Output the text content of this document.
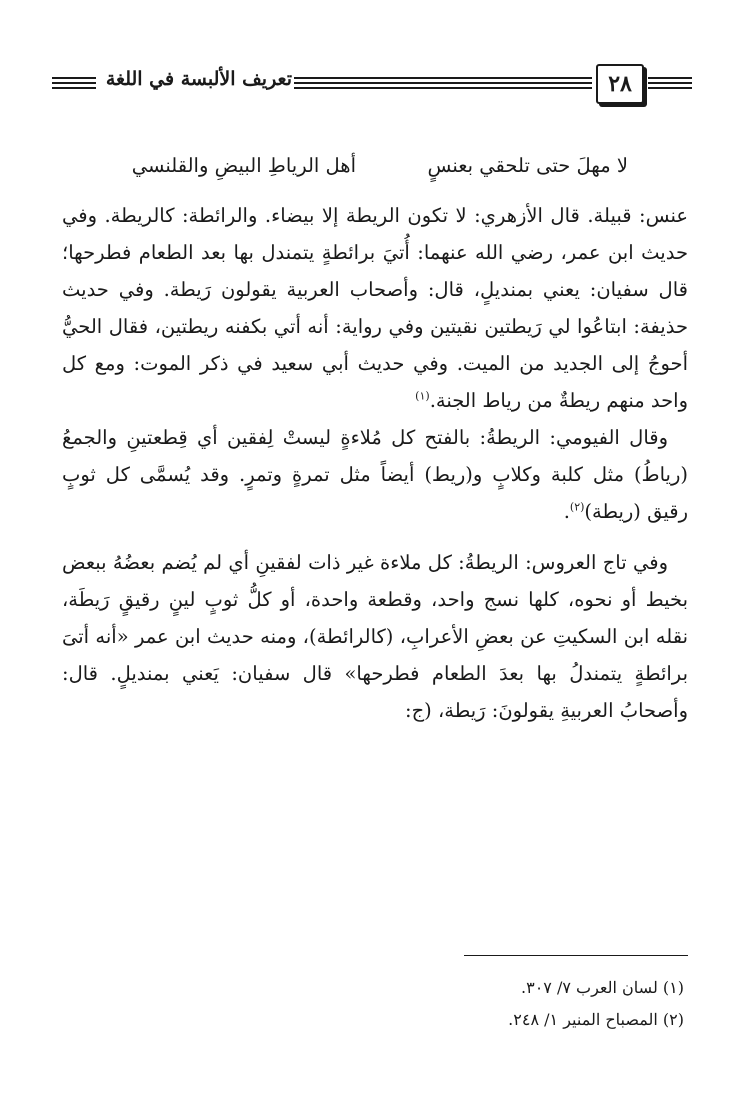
٢٨
تعريف الألبسة في اللغة
لا مهلَ حتى تلحقي بعنسٍ
أهل الرياطِ البيضِ والقلنسي

عنس: قبيلة. قال الأزهري: لا تكون الريطة إلا بيضاء. والرائطة: كالريطة. وفي حديث ابن عمر، رضي الله عنهما: أُتيَ برائطةٍ يتمندل بها بعد الطعام فطرحها؛ قال سفيان: يعني بمنديلٍ، قال: وأصحاب العربية يقولون رَيطة. وفي حديث حذيفة: ابتاعُوا لي رَيطتين نقيتين وفي رواية: أنه أتي بكفنه ريطتين، فقال الحيُّ أحوجُ إلى الجديد من الميت. وفي حديث أبي سعيد في ذكر الموت: ومع كل واحد منهم ريطةٌ من رياط الجنة.$^{(١)}$

وقال الفيومي: الريطةُ: بالفتح كل مُلاءةٍ ليستْ لِفقين أي قِطعتينِ والجمعُ (رياطُ) مثل كلبة وكلابٍ و(ريط) أيضاً مثل تمرةٍ وتمرٍ. وقد يُسمَّى كل ثوبٍ رقيق (ريطة)$^{(٢)}$.

وفي تاج العروس: الريطةُ: كل ملاءة غير ذات لفقينِ أي لم يُضم بعضُهُ ببعض بخيط أو نحوه، كلها نسج واحد، وقطعة واحدة، أو كلُّ ثوبٍ لينٍ رقيقٍ رَيطَة، نقله ابن السكيتِ عن بعضِ الأعرابِ، (كالرائطة)، ومنه حديث ابن عمر «أنه أتىَ برائطةٍ يتمندلُ بها بعدَ الطعام فطرحها» قال سفيان: يَعني بمنديلٍ. قال: وأصحابُ العربيةِ يقولونَ: رَيطة، (ج:

(١) لسان العرب ٧/ ٣٠٧.

(٢) المصباح المنير ١/ ٢٤٨.
